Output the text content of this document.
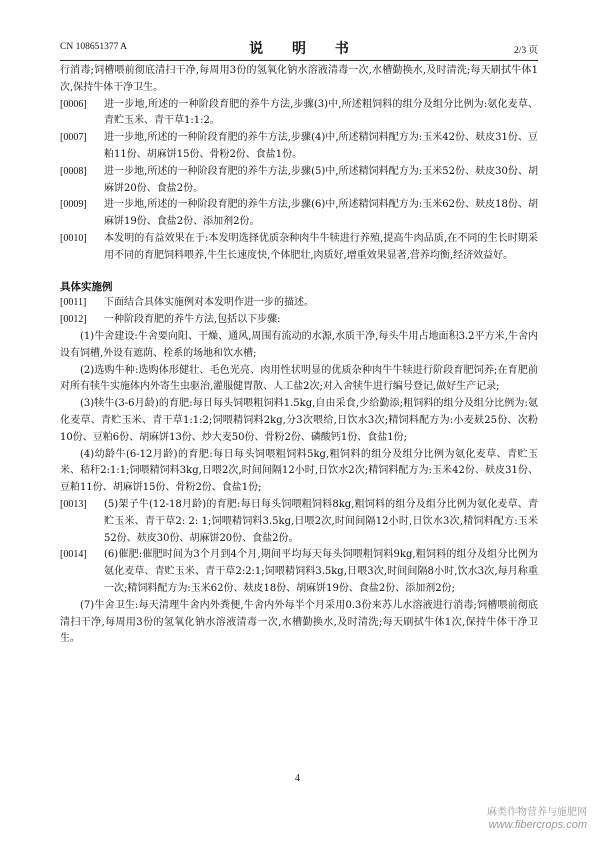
CN 108651377 A	说 明 书	2/3 页

行消毒;饲槽喂前彻底清扫干净,每周用3份的氢氧化钠水溶液清毒一次,水槽勤换水,及时清洗;每天刷拭牛体1次,保持牛体干净卫生。

[0006]	进一步地,所述的一种阶段育肥的养牛方法,步骤(3)中,所述粗饲料的组分及组分比例为:氨化麦草、青贮玉米、青干草1:1:2。
[0007]	进一步地,所述的一种阶段育肥的养牛方法,步骤(4)中,所述精饲料配方为:玉米42份、麸皮31份、豆粕11份、胡麻饼15份、骨粉2份、食盐1份。
[0008]	进一步地,所述的一种阶段育肥的养牛方法,步骤(5)中,所述精饲料配方为:玉米52份、麸皮30份、胡麻饼20份、食盐2份。
[0009]	进一步地,所述的一种阶段育肥的养牛方法,步骤(6)中,所述精饲料配方为:玉米62份、麸皮18份、胡麻饼19份、食盐2份、添加剂2份。
[0010]	本发明的有益效果在于:本发明选择优质杂种肉牛牛犊进行养殖,提高牛肉品质,在不同的生长时期采用不同的育肥饲料喂养,牛生长速度快,个体肥壮,肉质好,增重效果显著,营养均衡,经济效益好。

具体实施例

[0011]	下面结合具体实施例对本发明作进一步的描述。
[0012]	一种阶段育肥的养牛方法,包括以下步骤:

(1)牛舍建设:牛舍要向阳、干燥、通风,周围有流动的水源,水质干净,每头牛用占地面积3.2平方米,牛舍内设有饲槽,外设有遮荫、栓系的场地和饮水槽;

(2)选购牛种:选购体形健壮、毛色光亮、肉用性状明显的优质杂种肉牛牛犊进行阶段育肥饲养;在育肥前对所有犊牛实施体内外寄生虫驱治,灌服健胃散、人工盐2次;对入舍犊牛进行编号登记,做好生产记录;

(3)犊牛(3-6月龄)的育肥:每日每头饲喂粗饲料1.5kg,自由采食,少给勤添;粗饲料的组分及组分比例为:氨化麦草、青贮玉米、青干草1:1:2;饲喂精饲料2kg,分3次喂给,日饮水3次;精饲料配方为:小麦麸25份、次粉10份、豆粕6份、胡麻饼13份、炒大麦50份、骨粉2份、磷酸钙1份、食盐1份;

(4)幼龄牛(6-12月龄)的育肥:每日每头饲喂粗饲料5kg,粗饲料的组分及组分比例为氨化麦草、青贮玉米、秸秆2:1:1;饲喂精饲料3kg,日喂2次,时间间隔12小时,日饮水2次;精饲料配方为:玉米42份、麸皮31份、豆粕11份、胡麻饼15份、骨粉2份、食盐1份;

[0013]	(5)架子牛(12-18月龄)的育肥:每日每头饲喂粗饲料8kg,粗饲料的组分及组分比例为氨化麦草、青贮玉米、青干草2: 2: 1;饲喂精饲料3.5kg,日喂2次,时间间隔12小时,日饮水3次,精饲料配方:玉米52份、麸皮30份、胡麻饼20份、食盐2份。
[0014]	(6)催肥:催肥时间为3个月到4个月,期间平均每天每头饲喂粗饲料9kg,粗饲料的组分及组分比例为氨化麦草、青贮玉米、青干草2:2:1;饲喂精饲料3.5kg,日喂3次,时间间隔8小时,饮水3次,每月称重一次;精饲料配方为:玉米62份、麸皮18份、胡麻饼19份、食盐2份、添加剂2份;

(7)牛舍卫生:每天清理牛舍内外粪便,牛舍内外每半个月采用0.3份来苏儿水溶液进行消毒;饲槽喂前彻底清扫干净,每周用3份的氢氧化钠水溶液清毒一次,水槽勤换水,及时清洗;每天刷拭牛体1次,保持牛体干净卫生。

4
麻类作物营养与施肥网
www.fibercrops.com
